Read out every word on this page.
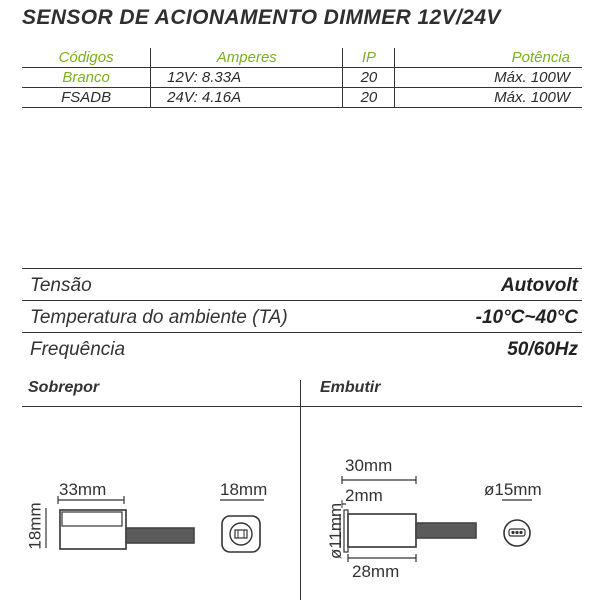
SENSOR DE ACIONAMENTO DIMMER 12V/24V
Códigos	Amperes	IP	Potência
Branco	12V: 8.33A	20	Máx. 100W
FSADB	24V: 4.16A	20	Máx. 100W
Tensão	Autovolt
Temperatura do ambiente (TA)	-10°C~40°C
Frequência	50/60Hz
Sobrepor	Embutir
33mm
18mm
18mm
30mm
2mm
ø11mm
28mm
ø15mm
